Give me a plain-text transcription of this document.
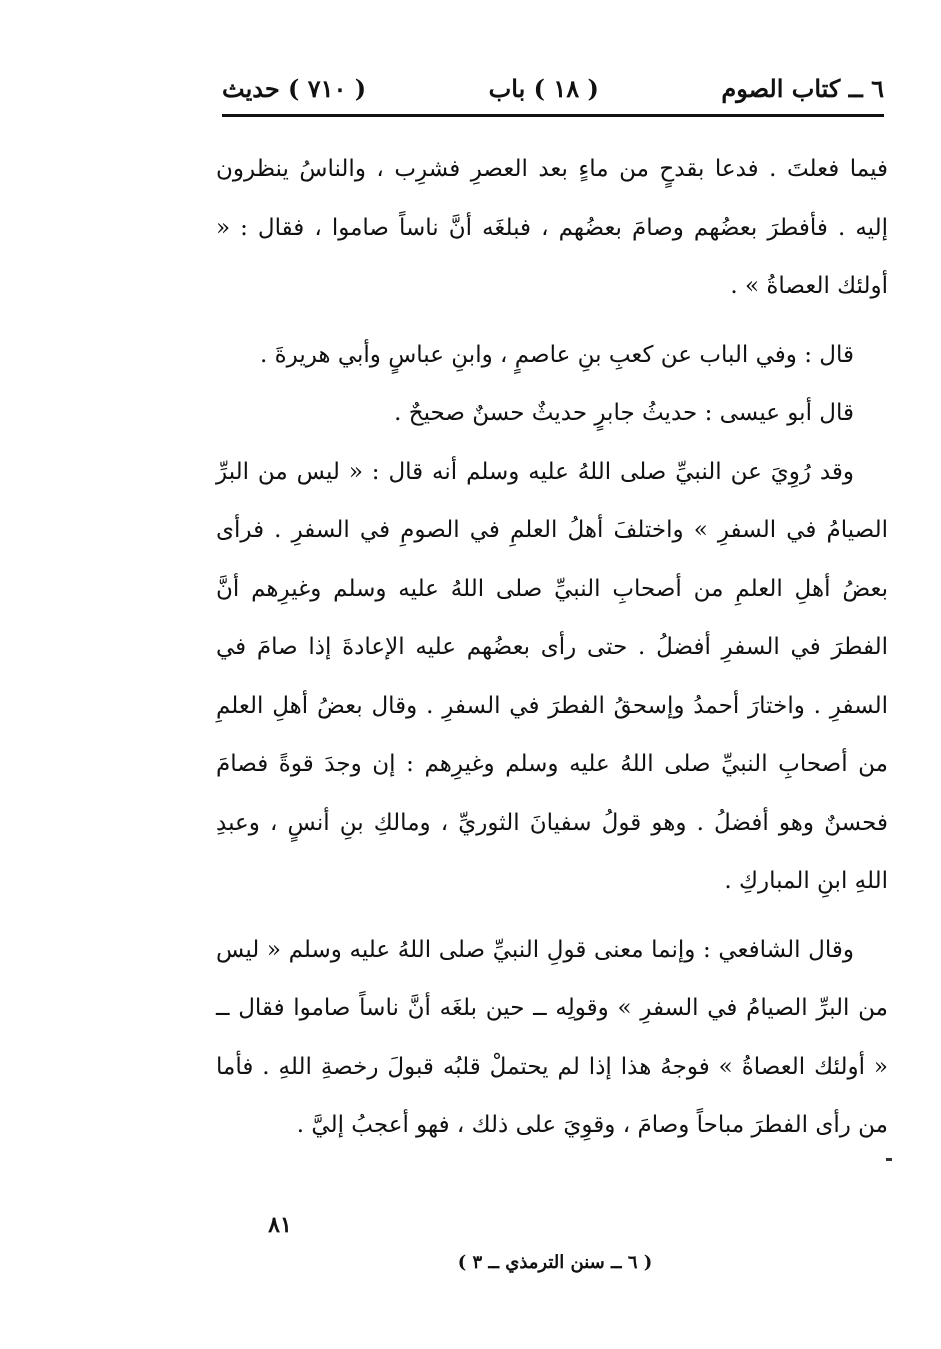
٦ ــ كتاب الصوم
( ١٨ ) باب
( ٧١٠ ) حديث

فيما فعلتَ . فدعا بقدحٍ من ماءٍ بعد العصرِ فشرِب ، والناسُ ينظرون إليه . فأفطرَ بعضُهم وصامَ بعضُهم ، فبلغَه أنَّ ناساً صاموا ، فقال : « أولئك العصاةُ » .

قال : وفي الباب عن كعبِ بنِ عاصمٍ ، وابنِ عباسٍ وأبي هريرةَ .

قال أبو عيسى : حديثُ جابرٍ حديثٌ حسنٌ صحيحٌ .

وقد رُوِيَ عن النبيِّ صلى اللهُ عليه وسلم أنه قال : « ليس من البرِّ الصيامُ في السفرِ » واختلفَ أهلُ العلمِ في الصومِ في السفرِ . فرأى بعضُ أهلِ العلمِ من أصحابِ النبيِّ صلى اللهُ عليه وسلم وغيرِهم أنَّ الفطرَ في السفرِ أفضلُ . حتى رأى بعضُهم عليه الإعادةَ إذا صامَ في السفرِ . واختارَ أحمدُ وإسحقُ الفطرَ في السفرِ . وقال بعضُ أهلِ العلمِ من أصحابِ النبيِّ صلى اللهُ عليه وسلم وغيرِهم : إن وجدَ قوةً فصامَ فحسنٌ وهو أفضلُ . وهو قولُ سفيانَ الثوريِّ ، ومالكِ بنِ أنسٍ ، وعبدِ اللهِ ابنِ المباركِ .

وقال الشافعي : وإنما معنى قولِ النبيِّ صلى اللهُ عليه وسلم « ليس من البرِّ الصيامُ في السفرِ » وقولِه ــ حين بلغَه أنَّ ناساً صاموا فقال ــ « أولئك العصاةُ » فوجهُ هذا إذا لم يحتملْ قلبُه قبولَ رخصةِ اللهِ . فأما من رأى الفطرَ مباحاً وصامَ ، وقوِيَ على ذلك ، فهو أعجبُ إليَّ .

٨١
( ٦ ــ سنن الترمذي ــ ٣ )
